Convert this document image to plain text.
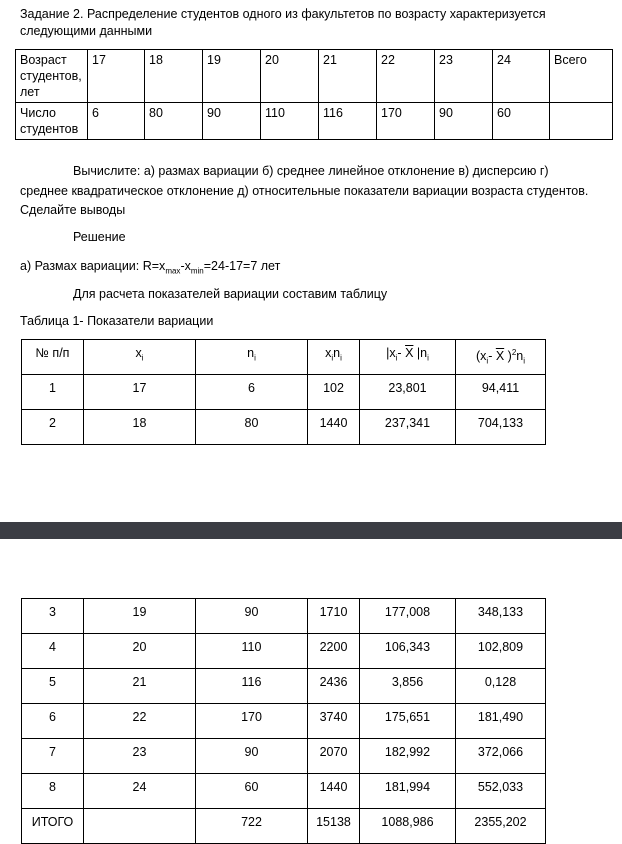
Задание 2. Распределение студентов одного из факультетов по возрасту характеризуется
следующими данными
Возраст студентов, лет	17	18	19	20	21	22	23	24	Всего
Число студентов	6	80	90	110	116	170	90	60	
Вычислите: а) размах вариации б) среднее линейное отклонение в) дисперсию г)
среднее квадратическое отклонение д) относительные показатели вариации возраста студентов.
Сделайте выводы
Решение
а) Размах вариации: $R=x_{max}-x_{min}=24-17=7$ лет
Для расчета показателей вариации составим таблицу
Таблица 1- Показатели вариации
№ п/п	$x_i$	$n_i$	$x_in_i$	$|x_i-$ $\overline{X}$ $|n_i$	($x_i-$ $\overline{X}$ )$^2n_i$
1	17	6	102	23,801	94,411
2	18	80	1440	237,341	704,133
3	19	90	1710	177,008	348,133
4	20	110	2200	106,343	102,809
5	21	116	2436	3,856	0,128
6	22	170	3740	175,651	181,490
7	23	90	2070	182,992	372,066
8	24	60	1440	181,994	552,033
ИТОГО		722	15138	1088,986	2355,202
